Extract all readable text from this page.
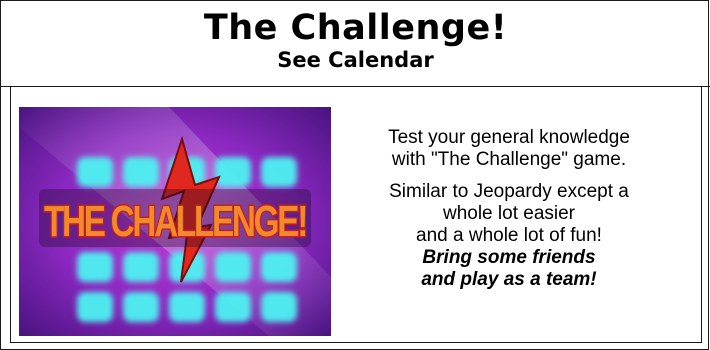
The Challenge!
See Calendar
THE CHALLENGE!

Test your general knowledge

with "The Challenge" game.

Similar to Jeopardy except a

whole lot easier

and a whole lot of fun!

Bring some friends

and play as a team!
